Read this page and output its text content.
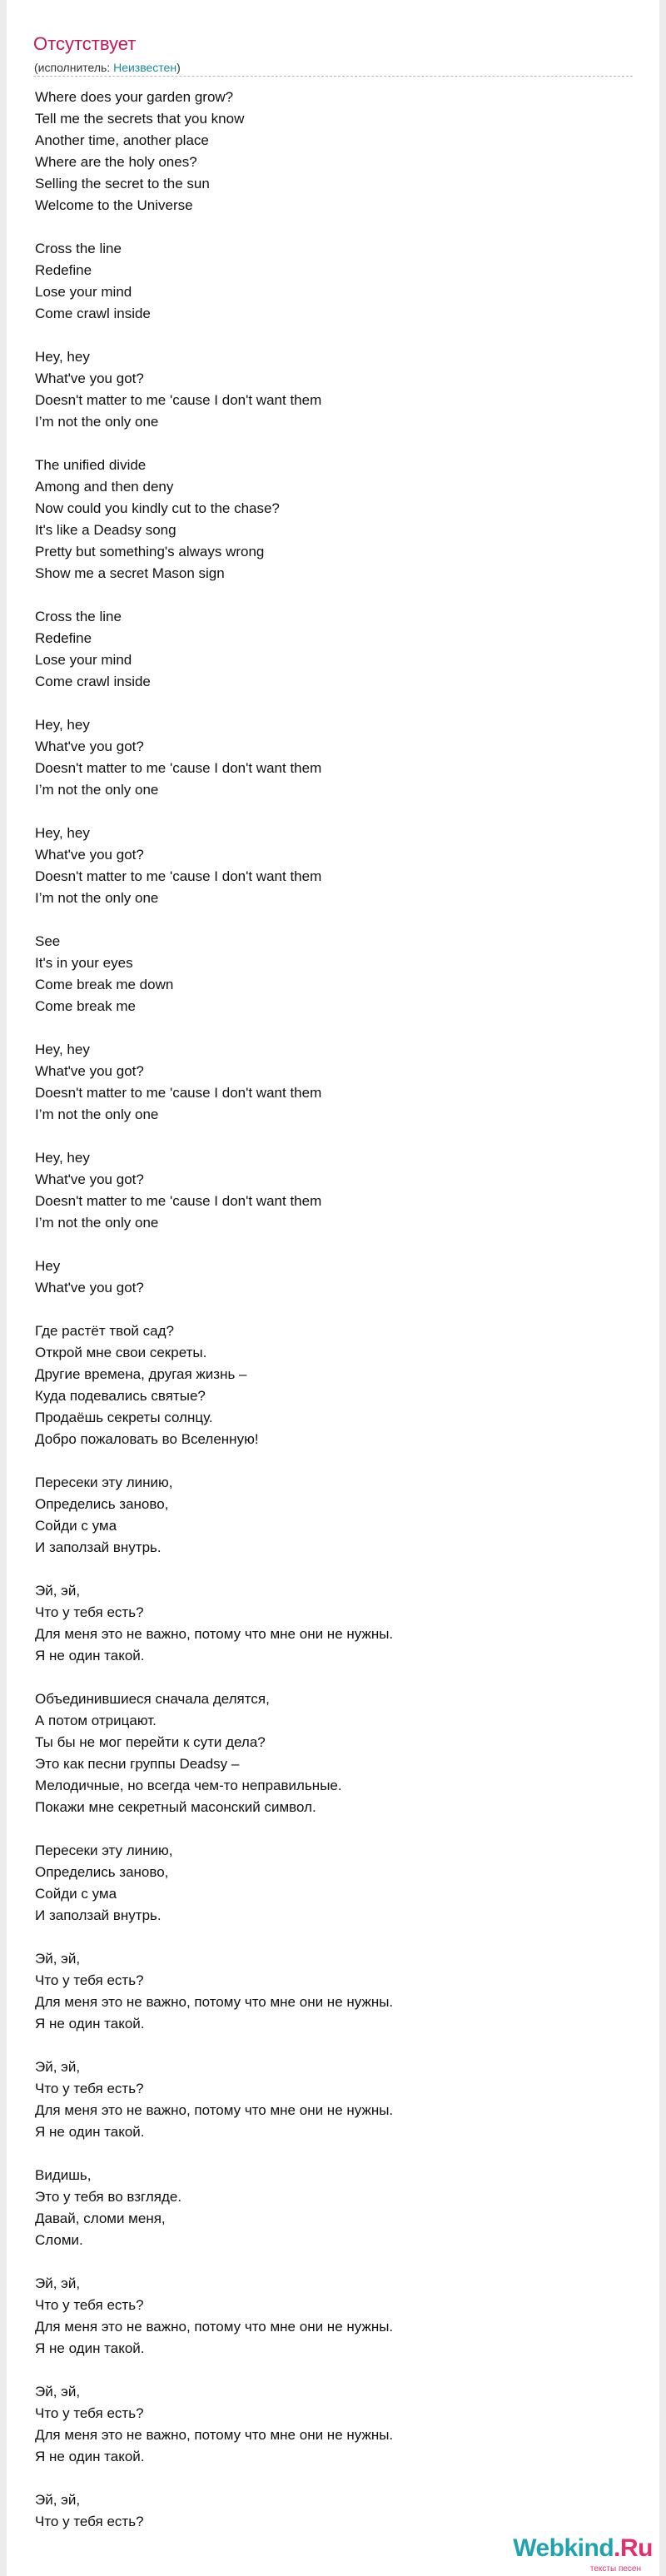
Отсутствует
(исполнитель: Неизвестен)
Where does your garden grow?
Tell me the secrets that you know
Another time, another place
Where are the holy ones?
Selling the secret to the sun
Welcome to the Universe
Cross the line
Redefine
Lose your mind
Come crawl inside
Hey, hey
What've you got?
Doesn't matter to me 'cause I don't want them
I’m not the only one
The unified divide
Among and then deny
Now could you kindly cut to the chase?
It's like a Deadsy song
Pretty but something's always wrong
Show me a secret Mason sign
Cross the line
Redefine
Lose your mind
Come crawl inside
Hey, hey
What've you got?
Doesn't matter to me 'cause I don't want them
I’m not the only one
Hey, hey
What've you got?
Doesn't matter to me 'cause I don't want them
I’m not the only one
See
It's in your eyes
Come break me down
Come break me
Hey, hey
What've you got?
Doesn't matter to me 'cause I don't want them
I’m not the only one
Hey, hey
What've you got?
Doesn't matter to me 'cause I don't want them
I’m not the only one
Hey
What've you got?
Где растёт твой сад?
Открой мне свои секреты.
Другие времена, другая жизнь –
Куда подевались святые?
Продаёшь секреты солнцу.
Добро пожаловать во Вселенную!
Пересеки эту линию,
Определись заново,
Сойди с ума
И заползай внутрь.
Эй, эй,
Что у тебя есть?
Для меня это не важно, потому что мне они не нужны.
Я не один такой.
Объединившиеся сначала делятся,
А потом отрицают.
Ты бы не мог перейти к сути дела?
Это как песни группы Deadsy –
Мелодичные, но всегда чем-то неправильные.
Покажи мне секретный масонский символ.
Пересеки эту линию,
Определись заново,
Сойди с ума
И заползай внутрь.
Эй, эй,
Что у тебя есть?
Для меня это не важно, потому что мне они не нужны.
Я не один такой.
Эй, эй,
Что у тебя есть?
Для меня это не важно, потому что мне они не нужны.
Я не один такой.
Видишь,
Это у тебя во взгляде.
Давай, сломи меня,
Сломи.
Эй, эй,
Что у тебя есть?
Для меня это не важно, потому что мне они не нужны.
Я не один такой.
Эй, эй,
Что у тебя есть?
Для меня это не важно, потому что мне они не нужны.
Я не один такой.
Эй, эй,
Что у тебя есть?
Webkind.Ru
тексты песен
